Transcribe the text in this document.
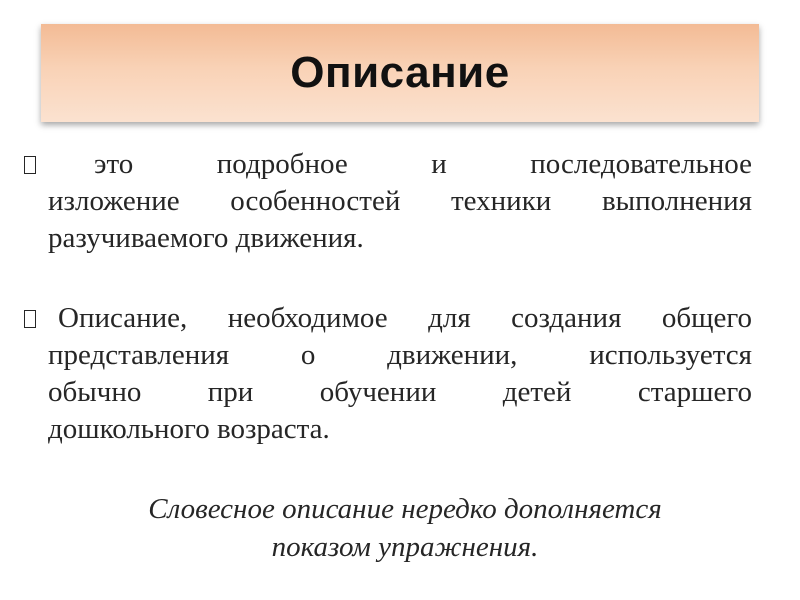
Описание
это подробное и последовательное
изложение особенностей техники выполнения
разучиваемого движения.
Описание, необходимое для создания общего
представления о движении, используется
обычно при обучении детей старшего
дошкольного возраста.
Словесное описание нередко дополняется
показом упражнения.
